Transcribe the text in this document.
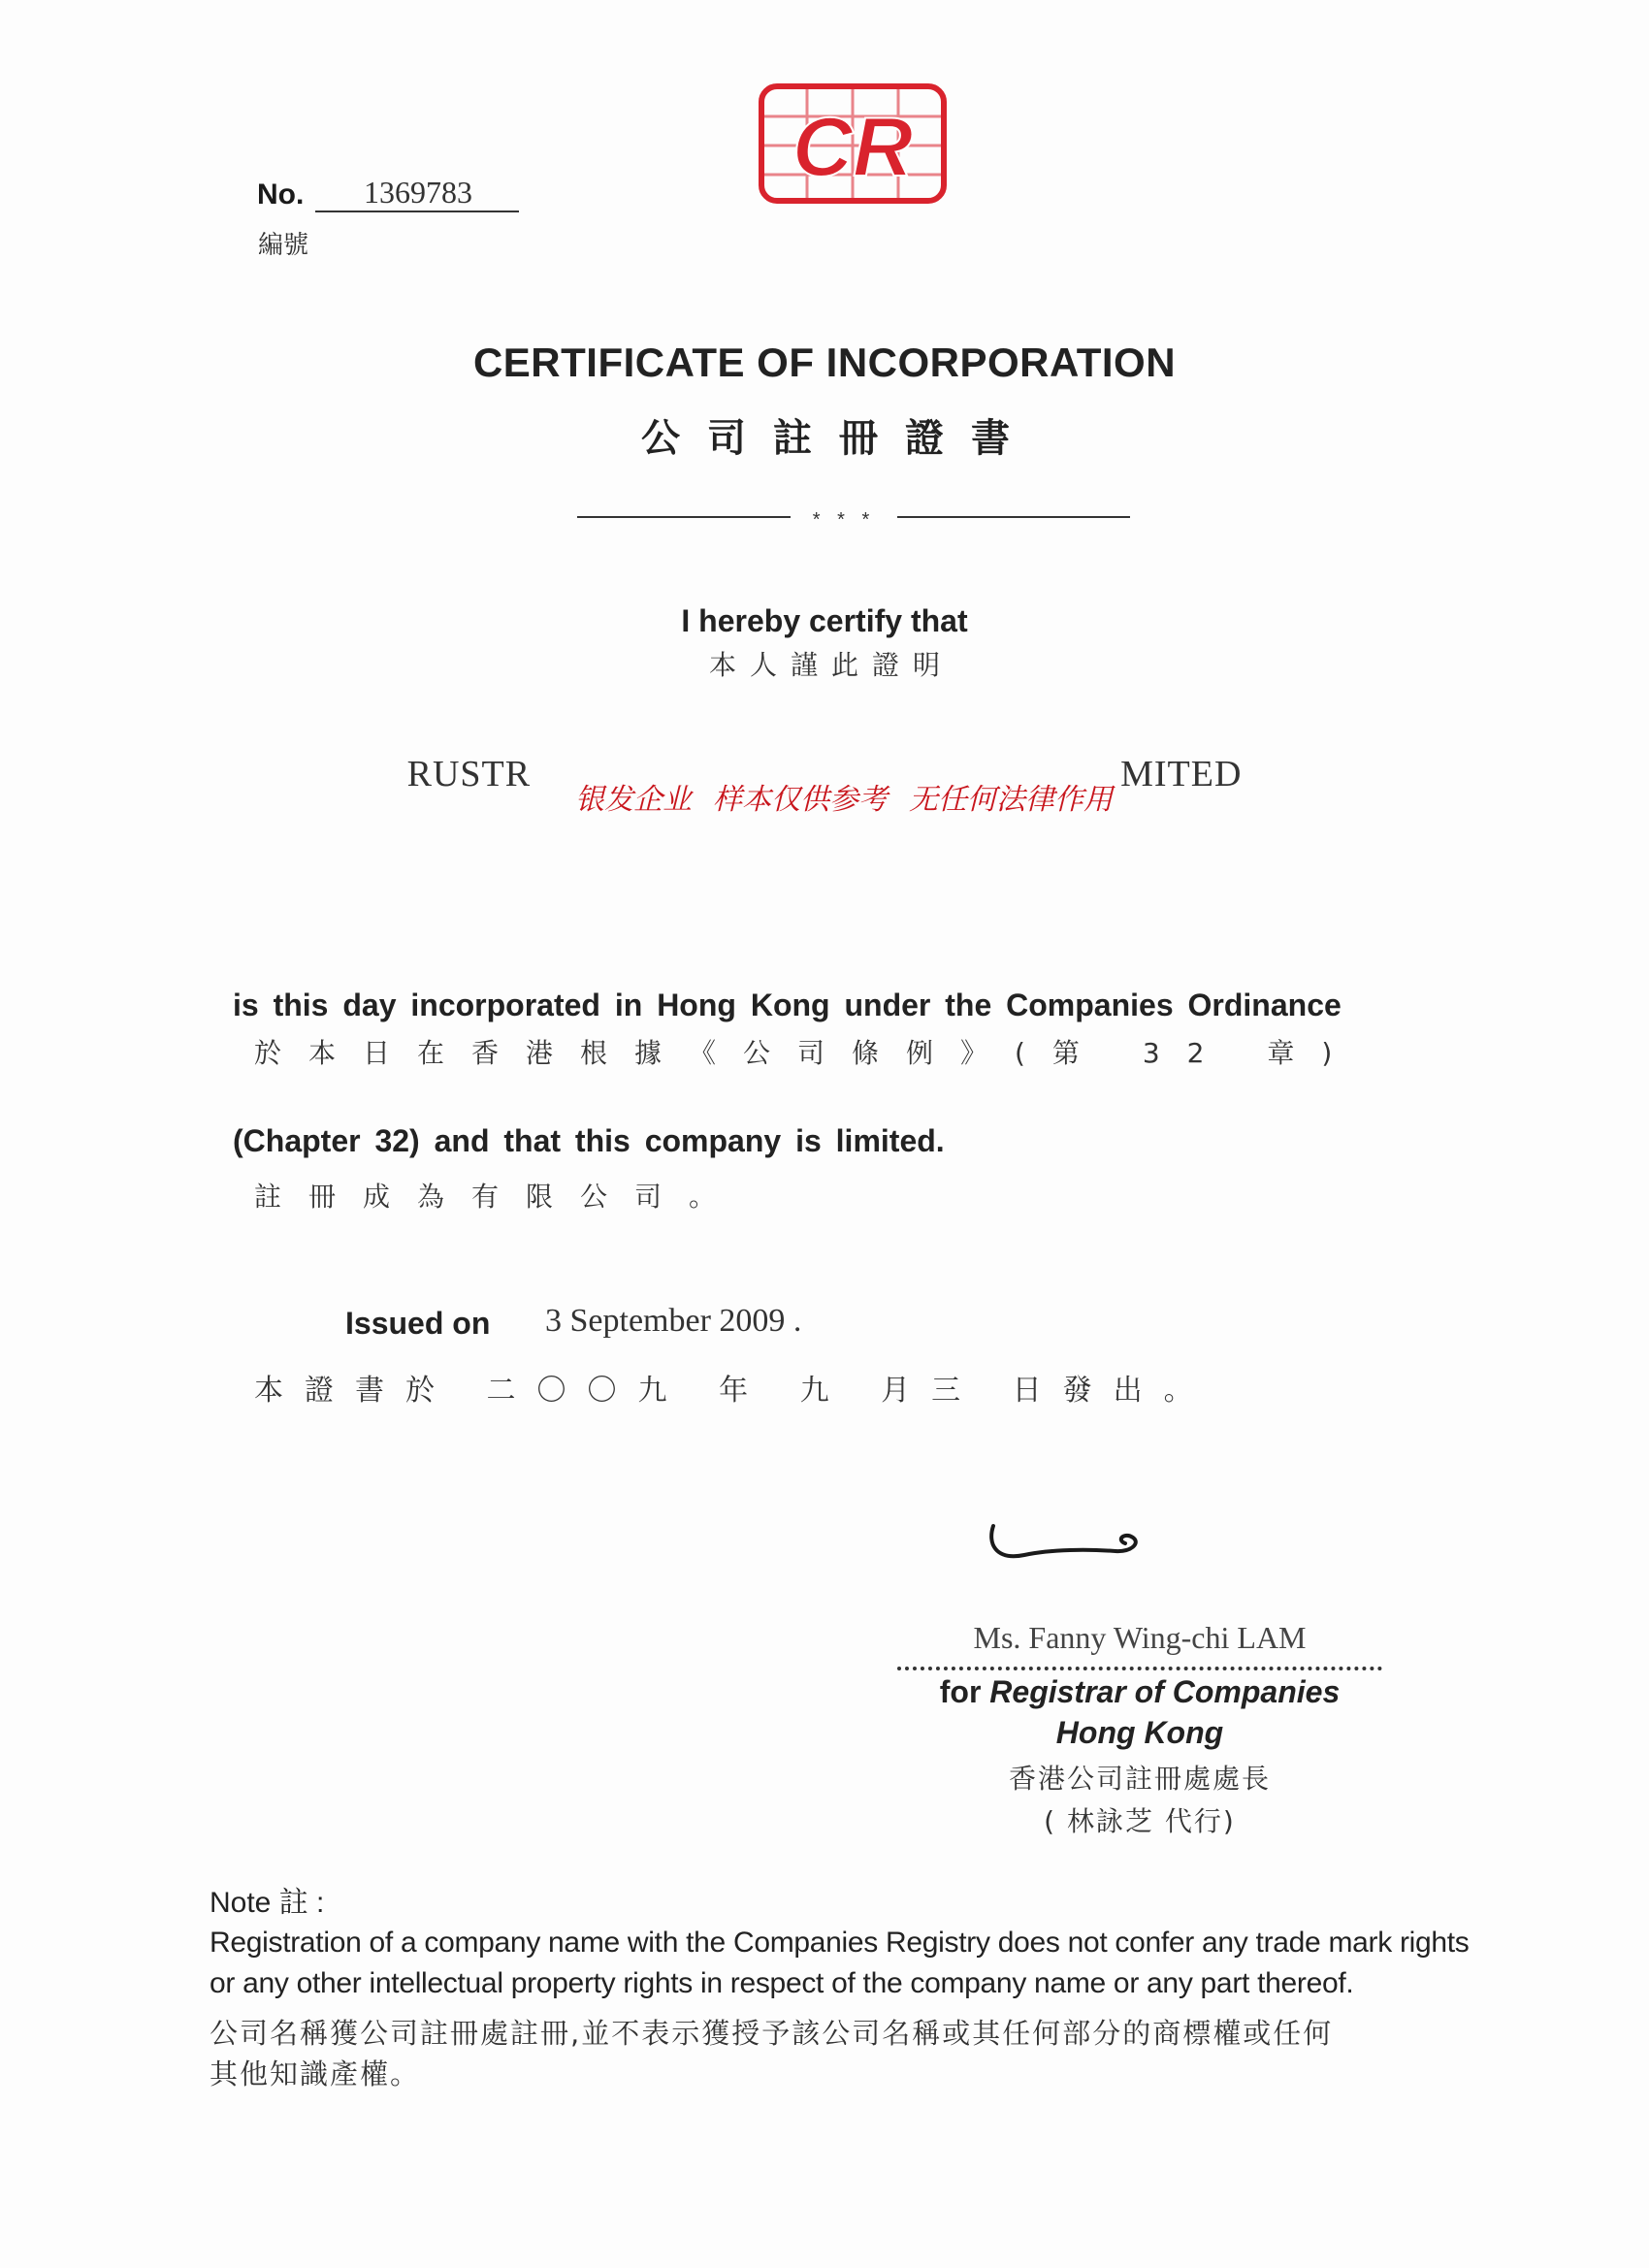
CR
No.	1369783
編號
CERTIFICATE OF INCORPORATION
公司註冊證書
* * *
I hereby certify that
本人謹此證明
RUSTR	MITED
银发企业 样本仅供参考 无任何法律作用
is this day incorporated in Hong Kong under the Companies Ordinance
於本日在香港根據《公司條例》(第 32 章)
(Chapter 32) and that this company is limited.
註冊成為有限公司。
Issued on 3 September 2009 .
本證書於 二〇〇九 年 九 月三 日發出。
Ms. Fanny Wing-chi LAM
for Registrar of Companies
Hong Kong
香港公司註冊處處長
( 林詠芝 代行)
Note 註 :
Registration of a company name with the Companies Registry does not confer any trade mark rights
or any other intellectual property rights in respect of the company name or any part thereof.
公司名稱獲公司註冊處註冊,並不表示獲授予該公司名稱或其任何部分的商標權或任何
其他知識產權。
